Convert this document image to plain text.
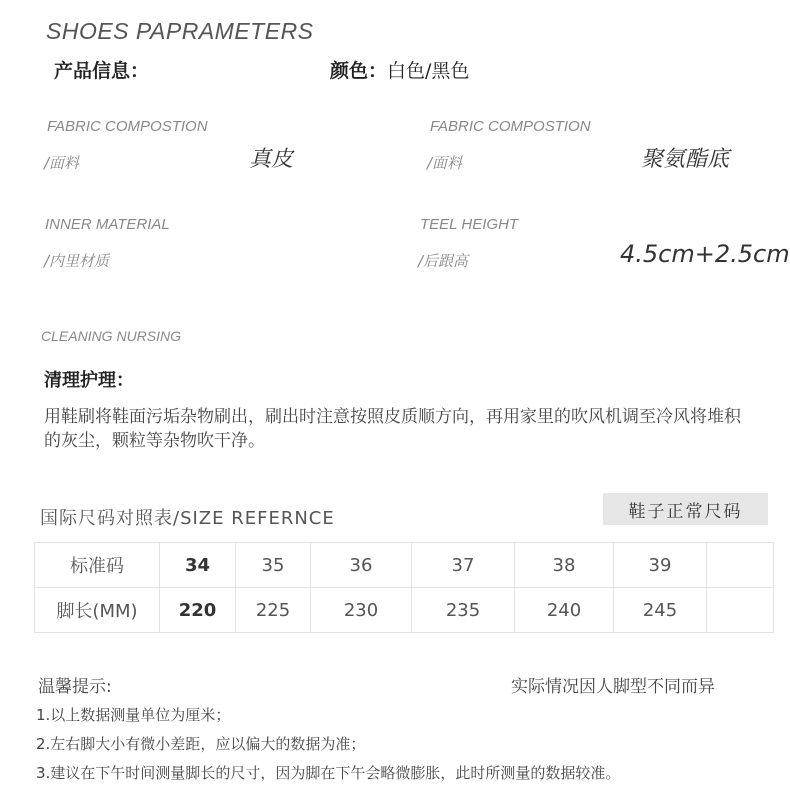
SHOES PAPRAMETERS
产品信息：	颜色：白色/黑色
FABRIC COMPOSTION
/面料	真皮
FABRIC COMPOSTION
/面料	聚氨酯底
INNER MATERIAL
/内里材质
TEEL HEIGHT
/后跟高	4.5cm+2.5cm
CLEANING NURSING
清理护理：
用鞋刷将鞋面污垢杂物刷出，刷出时注意按照皮质顺方向，再用家里的吹风机调至冷风将堆积的灰尘，颗粒等杂物吹干净。
国际尺码对照表/SIZE REFERNCE	鞋子正常尺码
标准码	34	35	36	37	38	39	
脚长(MM)	220	225	230	235	240	245	
温馨提示:	实际情况因人脚型不同而异
1.以上数据测量单位为厘米；
2.左右脚大小有微小差距，应以偏大的数据为准；
3.建议在下午时间测量脚长的尺寸，因为脚在下午会略微膨胀，此时所测量的数据较准。
